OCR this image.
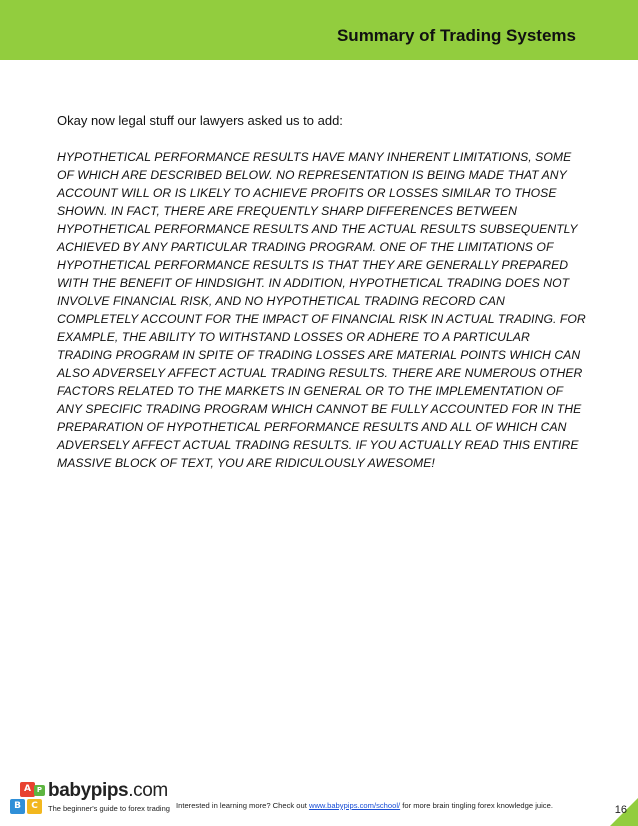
Summary of Trading Systems

Okay now legal stuff our lawyers asked us to add:

HYPOTHETICAL PERFORMANCE RESULTS HAVE MANY INHERENT LIMITATIONS, SOME OF WHICH ARE DESCRIBED BELOW. NO REPRESENTATION IS BEING MADE THAT ANY ACCOUNT WILL OR IS LIKELY TO ACHIEVE PROFITS OR LOSSES SIMILAR TO THOSE SHOWN. IN FACT, THERE ARE FREQUENTLY SHARP DIFFERENCES BETWEEN HYPOTHETICAL PERFORMANCE RESULTS AND THE ACTUAL RESULTS SUBSEQUENTLY ACHIEVED BY ANY PARTICULAR TRADING PROGRAM. ONE OF THE LIMITATIONS OF HYPOTHETICAL PERFORMANCE RESULTS IS THAT THEY ARE GENERALLY PREPARED WITH THE BENEFIT OF HINDSIGHT. IN ADDITION, HYPOTHETICAL TRADING DOES NOT INVOLVE FINANCIAL RISK, AND NO HYPOTHETICAL TRADING RECORD CAN COMPLETELY ACCOUNT FOR THE IMPACT OF FINANCIAL RISK IN ACTUAL TRADING. FOR EXAMPLE, THE ABILITY TO WITHSTAND LOSSES OR ADHERE TO A PARTICULAR TRADING PROGRAM IN SPITE OF TRADING LOSSES ARE MATERIAL POINTS WHICH CAN ALSO ADVERSELY AFFECT ACTUAL TRADING RESULTS. THERE ARE NUMEROUS OTHER FACTORS RELATED TO THE MARKETS IN GENERAL OR TO THE IMPLEMENTATION OF ANY SPECIFIC TRADING PROGRAM WHICH CANNOT BE FULLY ACCOUNTED FOR IN THE PREPARATION OF HYPOTHETICAL PERFORMANCE RESULTS AND ALL OF WHICH CAN ADVERSELY AFFECT ACTUAL TRADING RESULTS. IF YOU ACTUALLY READ THIS ENTIRE MASSIVE BLOCK OF TEXT, YOU ARE RIDICULOUSLY AWESOME!

A
B	C
P babypips.com
The beginner's guide to forex trading Interested in learning more? Check out www.babypips.com/school/ for more brain tingling forex knowledge juice.	16
